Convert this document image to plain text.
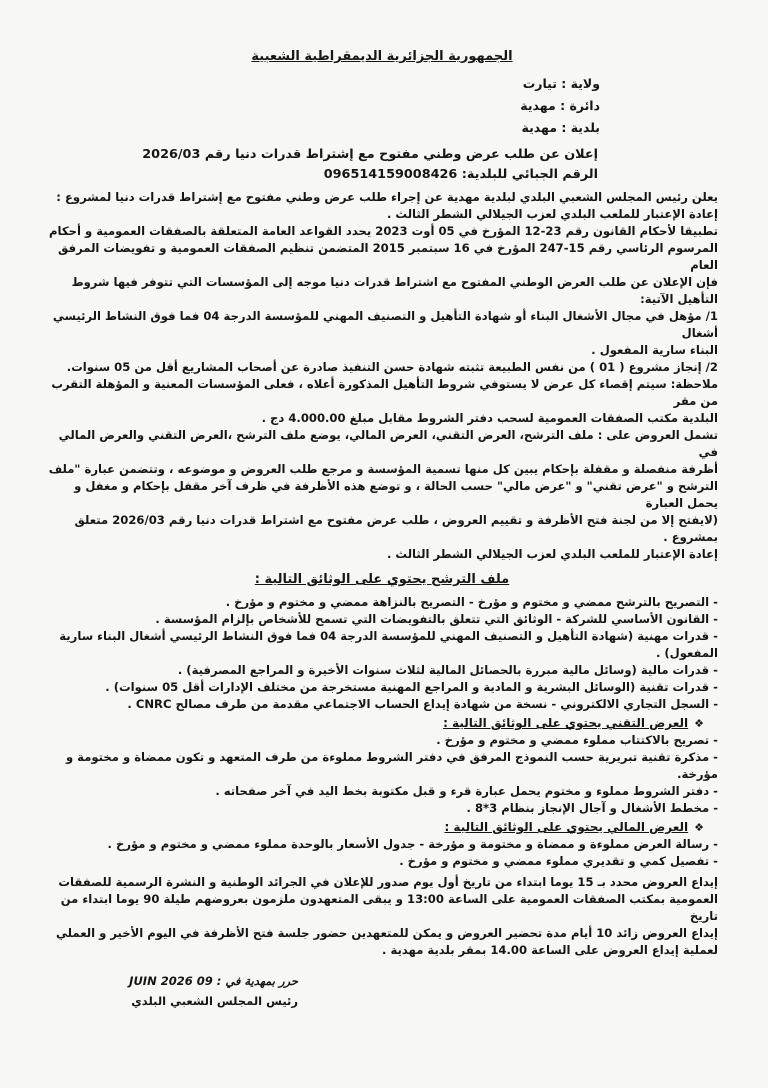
الجمهورية الجزائرية الديمقراطية الشعبية
ولاية : تيارت
دائرة : مهدية
بلدية : مهدية
إعلان عن طلب عرض وطني مفتوح مع إشتراط قدرات دنيا رقم 2026/03
الرقم الجبائي للبلدية: 096514159008426

يعلن رئيس المجلس الشعبي البلدي لبلدية مهدية عن إجراء طلب عرض وطني مفتوح مع إشتراط قدرات دنيا لمشروع :

إعادة الإعتبار للملعب البلدي لعزب الجيلالي الشطر الثالث .

تطبيقا لأحكام القانون رقم 23-12 المؤرخ في 05 أوت 2023 يحدد القواعد العامة المتعلقة بالصفقات العمومية و أحكام

المرسوم الرئاسي رقم 15-247 المؤرخ في 16 سبتمبر 2015 المتضمن تنظيم الصفقات العمومية و تفويضات المرفق العام

فإن الإعلان عن طلب العرض الوطني المفتوح مع اشتراط قدرات دنيا موجه إلى المؤسسات التي تتوفر فيها شروط التأهيل الآتية:

1/ مؤهل في مجال الأشغال البناء أو شهادة التأهيل و التصنيف المهني للمؤسسة الدرجة 04 فما فوق النشاط الرئيسي أشغال

البناء سارية المفعول .

2/ إنجاز مشروع ( 01 ) من نفس الطبيعة تثبته شهادة حسن التنفيذ صادرة عن أصحاب المشاريع أقل من 05 سنوات.

ملاحظة: سيتم إقصاء كل عرض لا يستوفي شروط التأهيل المذكورة أعلاه ، فعلى المؤسسات المعنية و المؤهلة التقرب من مقر

البلدية مكتب الصفقات العمومية لسحب دفتر الشروط مقابل مبلغ 4.000.00 دج .

تشمل العروض على : ملف الترشح، العرض التقني، العرض المالي، يوضع ملف الترشح ،العرض التقني والعرض المالي في

أظرفة منفصلة و مقفلة بإحكام يبين كل منها تسمية المؤسسة و مرجع طلب العروض و موضوعه ، وتتضمن عبارة "ملف

الترشح و "عرض تقني" و "عرض مالي" حسب الحالة ، و توضع هذه الأظرفة في ظرف آخر مقفل بإحكام و مغفل و يحمل العبارة

(لايفتح إلا من لجنة فتح الأظرفة و تقييم العروض ، طلب عرض مفتوح مع اشتراط قدرات دنيا رقم 2026/03 متعلق بمشروع .

إعادة الإعتبار للملعب البلدي لعزب الجيلالي الشطر الثالث .

ملف الترشح يحتوي على الوثائق التالية :

- التصريح بالترشح ممضي و مختوم و مؤرخ - التصريح بالنزاهة ممضي و مختوم و مؤرخ .

- القانون الأساسي للشركة - الوثائق التي تتعلق بالتفويضات التي تسمح للأشخاص بإلزام المؤسسة .

- قدرات مهنية (شهادة التأهيل و التصنيف المهني للمؤسسة الدرجة 04 فما فوق النشاط الرئيسي أشغال البناء سارية المفعول) .

- قدرات مالية (وسائل مالية مبررة بالحصائل المالية لثلاث سنوات الأخيرة و المراجع المصرفية) .

- قدرات تقنية (الوسائل البشرية و المادية و المراجع المهنية مستخرجة من مختلف الإدارات أقل 05 سنوات) .

- السجل التجاري الالكتروني - نسخة من شهادة إيداع الحساب الاجتماعي مقدمة من طرف مصالح CNRC .

❖العرض التقني يحتوي على الوثائق التالية :

- تصريح بالاكتتاب مملوء ممضي و مختوم و مؤرخ .

- مذكرة تقنية تبريرية حسب النموذج المرفق في دفتر الشروط مملوءة من طرف المتعهد و تكون ممضاة و مختومة و مؤرخة.

- دفتر الشروط مملوء و مختوم يحمل عبارة قرء و قبل مكتوبة بخط اليد في آخر صفحاته .

- مخطط الأشغال و آجال الإنجاز بنظام 3*8 .

❖العرض المالي يحتوي على الوثائق التالية :

- رسالة العرض مملوءة و ممضاة و مختومة و مؤرخة - جدول الأسعار بالوحدة مملوء ممضي و مختوم و مؤرخ .

- تفصيل كمي و تقديري مملوء ممضي و مختوم و مؤرخ .

إيداع العروض محدد بـ 15 يوما ابتداء من تاريخ أول يوم صدور للإعلان في الجرائد الوطنية و النشرة الرسمية للصفقات

العمومية بمكتب الصفقات العمومية على الساعة 13:00 و يبقى المتعهدون ملزمون بعروضهم طيلة 90 يوما ابتداء من تاريخ

إيداع العروض زائد 10 أيام مدة تحضير العروض و يمكن للمتعهدين حضور جلسة فتح الأظرفة في اليوم الأخير و العملي

لعملية إيداع العروض على الساعة 14.00 بمقر بلدية مهدية .

حرر بمهدية في : 09 JUIN 2026
رئيس المجلس الشعبي البلدي
